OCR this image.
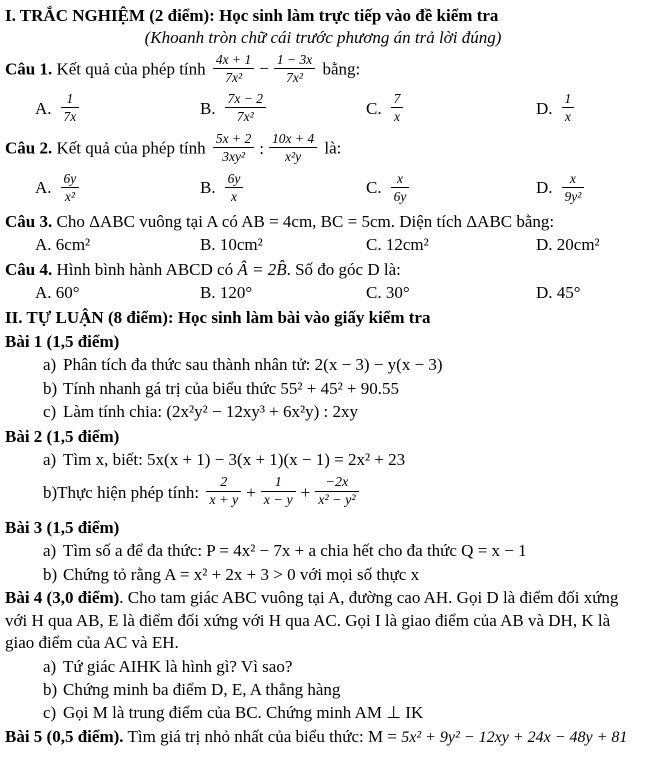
I. TRẮC NGHIỆM (2 điểm): Học sinh làm trực tiếp vào đề kiểm tra
(Khoanh tròn chữ cái trước phương án trả lời đúng)
Câu 1. Kết quả của phép tính $\frac{4x + 1}{\text{7x²}} - \frac{1 - 3x}{\text{7x²}}$ bằng:
A. $\frac{1}{7x}$	B. $\frac{7x - 2}{\text{7x²}}$	C. $\frac{7}{x}$	D. $\frac{1}{x}$
Câu 2. Kết quả của phép tính $\frac{5x + 2}{\text{3xy²}}$ : $\frac{10x + 4}{\text{x²y}}$ là:
A. $\frac{6y}{\text{x²}}$	B. $\frac{6y}{x}$	C. $\frac{x}{6y}$	D. $\frac{x}{\text{9y²}}$
Câu 3. Cho ΔABC vuông tại A có AB = 4cm, BC = 5cm. Diện tích ΔABC bằng:
A. 6cm²	B. 10cm²	C. 12cm²	D. 20cm²
Câu 4. Hình bình hành ABCD có Â = 2B̂. Số đo góc D là:
A. 60°	B. 120°	C. 30°	D. 45°
II. TỰ LUẬN (8 điểm): Học sinh làm bài vào giấy kiểm tra
Bài 1 (1,5 điểm)
a) Phân tích đa thức sau thành nhân tử: 2(x − 3) − y(x − 3)
b) Tính nhanh gá trị của biểu thức 55² + 45² + 90.55
c) Làm tính chia: (2x²y² − 12xy³ + 6x²y) : 2xy
Bài 2 (1,5 điểm)
a) Tìm x, biết: 5x(x + 1) − 3(x + 1)(x − 1) = 2x² + 23
b)Thực hiện phép tính: $\frac{2}{x + y} + \frac{1}{x - y} + \frac{-2x}{\text{x² − y²}}$
Bài 3 (1,5 điểm)
a) Tìm số a để đa thức: P = 4x² − 7x + a chia hết cho đa thức Q = x − 1
b) Chứng tỏ rằng A = x² + 2x + 3 > 0 với mọi số thực x
Bài 4 (3,0 điểm). Cho tam giác ABC vuông tại A, đường cao AH. Gọi D là điểm đối xứng với H qua AB, E là điểm đối xứng với H qua AC. Gọi I là giao điểm của AB và DH, K là giao điểm của AC và EH.
a) Tứ giác AIHK là hình gì? Vì sao?
b) Chứng minh ba điểm D, E, A thẳng hàng
c) Gọi M là trung điểm của BC. Chứng minh AM ⊥ IK
Bài 5 (0,5 điểm). Tìm giá trị nhỏ nhất của biểu thức: M = 5x² + 9y² − 12xy + 24x − 48y + 81
